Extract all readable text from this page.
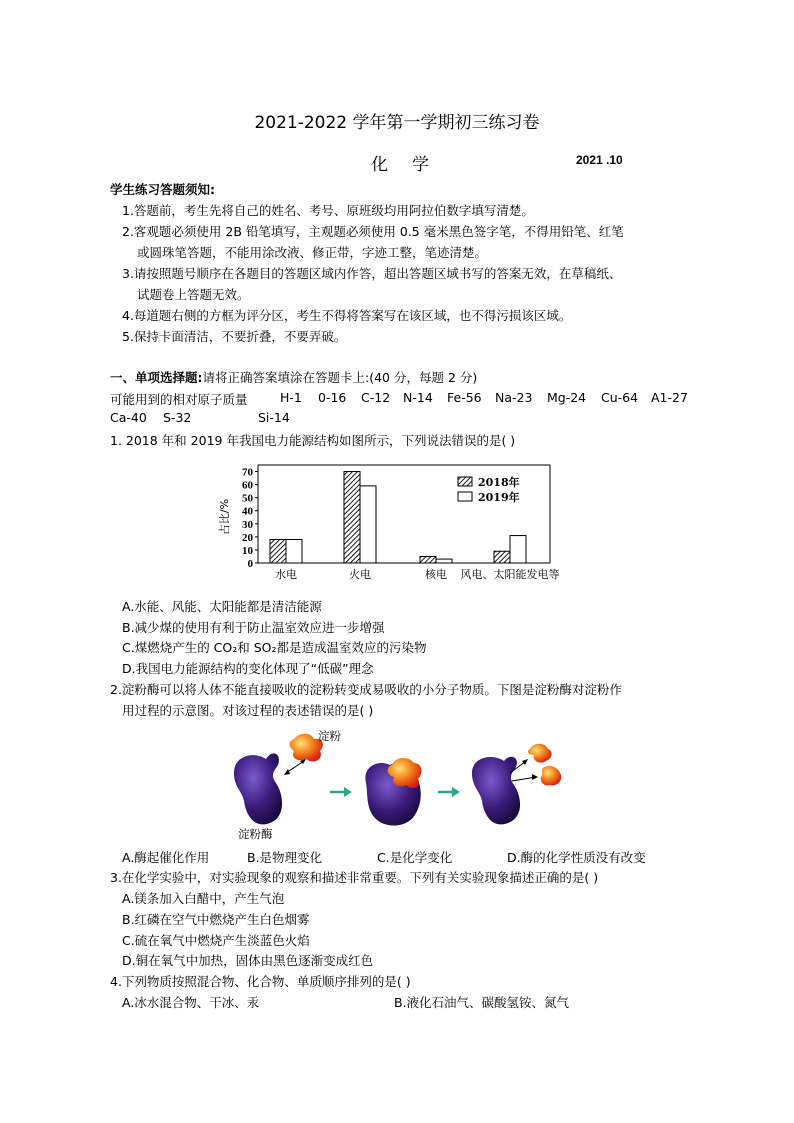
2021-2022 学年第一学期初三练习卷
化学	2021 .10
学生练习答题须知:
1.答题前，考生先将自己的姓名、考号、原班级均用阿拉伯数字填写清楚。
2.客观题必须使用 2B 铅笔填写，主观题必须使用 0.5 毫米黑色签字笔，不得用铅笔、红笔
或圆珠笔答题，不能用涂改液、修正带，字迹工整，笔迹清楚。
3.请按照题号顺序在各题目的答题区域内作答，超出答题区域书写的答案无效，在草稿纸、
试题卷上答题无效。
4.每道题右侧的方框为评分区，考生不得将答案写在该区域，也不得污损该区域。
5.保持卡面清洁，不要折叠，不要弄破。
一、单项选择题:请将正确答案填涂在答题卡上:(40 分，每题 2 分)
可能用到的相对原子质量	H-1 0-16 C-12 N-14 Fe-56 Na-23 Mg-24 Cu-64 A1-27
Ca-40 S-32	Si-14
1. 2018 年和 2019 年我国电力能源结构如图所示，下列说法错误的是( )
0
10
20
30
40
50
60
70
占比/%
水电	火电	核电 风电、太阳能发电等
2018年
2019年
A.水能、风能、太阳能都是清洁能源
B.减少煤的使用有利于防止温室效应进一步增强
C.煤燃烧产生的 CO₂和 SO₂都是造成温室效应的污染物
D.我国电力能源结构的变化体现了“低碳”理念
2.淀粉酶可以将人体不能直接吸收的淀粉转变成易吸收的小分子物质。下图是淀粉酶对淀粉作
用过程的示意图。对该过程的表述错误的是( )
淀粉
淀粉酶
A.酶起催化作用	B.是物理变化	C.是化学变化	D.酶的化学性质没有改变
3.在化学实验中，对实验现象的观察和描述非常重要。下列有关实验现象描述正确的是( )
A.镁条加入白醋中，产生气泡
B.红磷在空气中燃烧产生白色烟雾
C.硫在氧气中燃烧产生淡蓝色火焰
D.铜在氧气中加热，固体由黑色逐渐变成红色
4.下列物质按照混合物、化合物、单质顺序排列的是( )
A.冰水混合物、干冰、汞	B.液化石油气、碳酸氢铵、氮气
